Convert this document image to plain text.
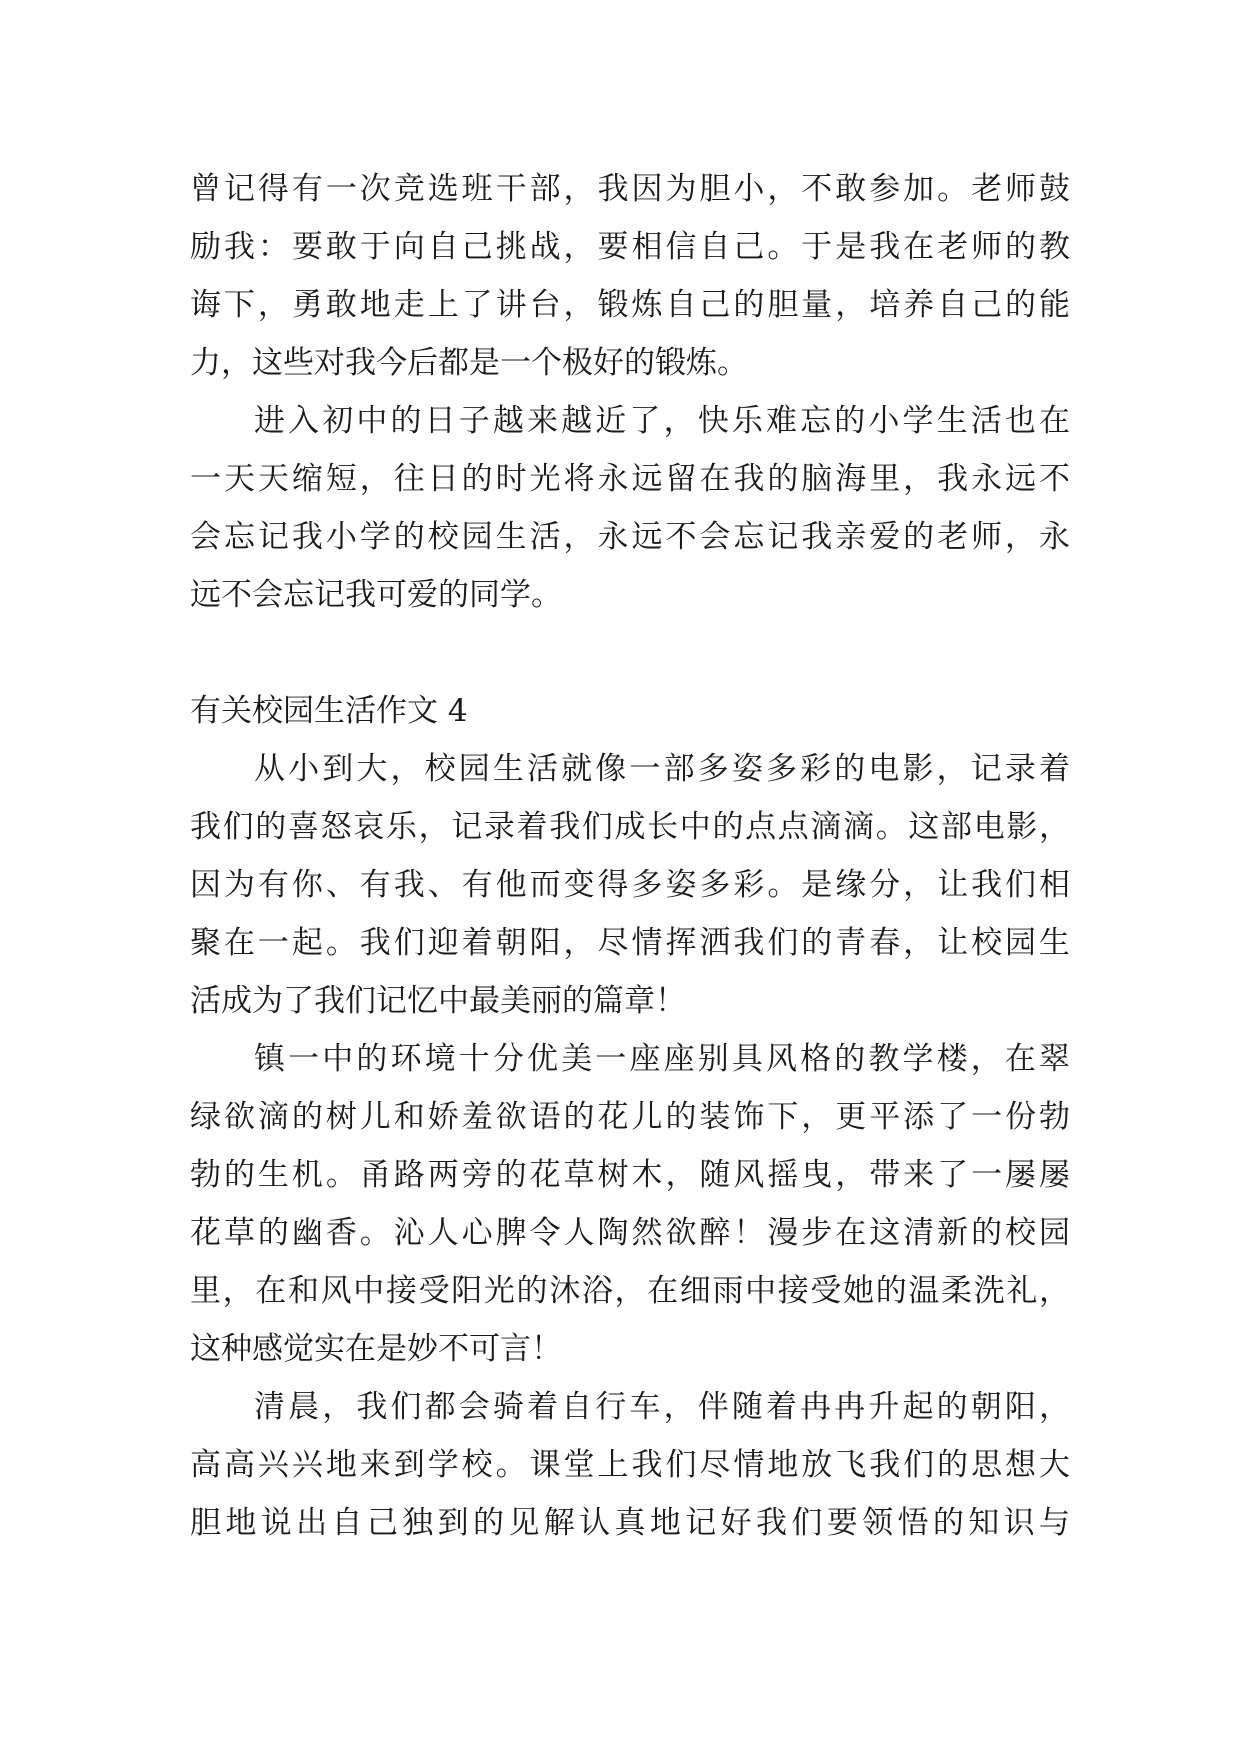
曾记得有一次竞选班干部，我因为胆小，不敢参加。老师鼓
励我：要敢于向自己挑战，要相信自己。于是我在老师的教
诲下，勇敢地走上了讲台，锻炼自己的胆量，培养自己的能
力，这些对我今后都是一个极好的锻炼。
进入初中的日子越来越近了，快乐难忘的小学生活也在
一天天缩短，往日的时光将永远留在我的脑海里，我永远不
会忘记我小学的校园生活，永远不会忘记我亲爱的老师，永
远不会忘记我可爱的同学。
有关校园生活作文 4
从小到大，校园生活就像一部多姿多彩的电影，记录着
我们的喜怒哀乐，记录着我们成长中的点点滴滴。这部电影，
因为有你、有我、有他而变得多姿多彩。是缘分，让我们相
聚在一起。我们迎着朝阳，尽情挥洒我们的青春，让校园生
活成为了我们记忆中最美丽的篇章！
镇一中的环境十分优美一座座别具风格的教学楼，在翠
绿欲滴的树儿和娇羞欲语的花儿的装饰下，更平添了一份勃
勃的生机。甬路两旁的花草树木，随风摇曳，带来了一屡屡
花草的幽香。沁人心脾令人陶然欲醉！漫步在这清新的校园
里，在和风中接受阳光的沐浴，在细雨中接受她的温柔洗礼，
这种感觉实在是妙不可言！
清晨，我们都会骑着自行车，伴随着冉冉升起的朝阳，
高高兴兴地来到学校。课堂上我们尽情地放飞我们的思想大
胆地说出自己独到的见解认真地记好我们要领悟的知识与
